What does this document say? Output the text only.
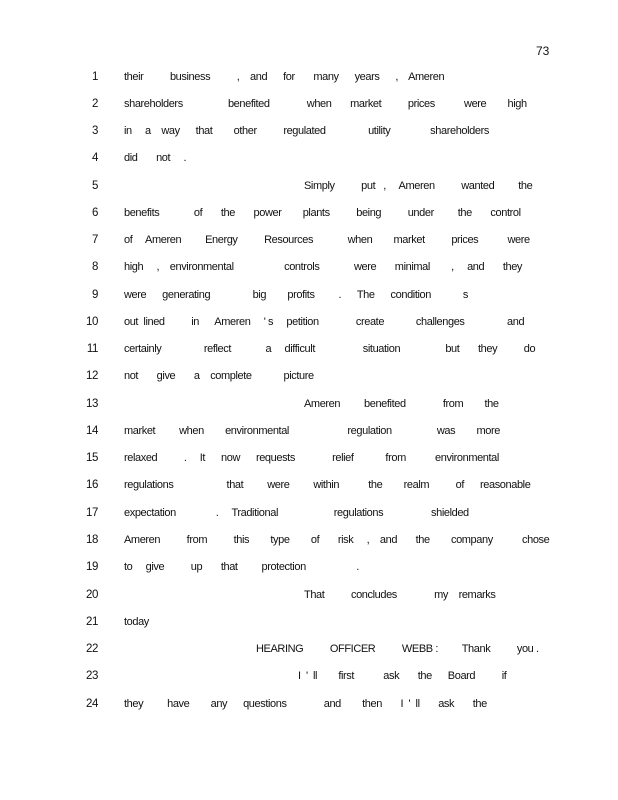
73
1 their          business          ,    and      for       many      years      ,    Ameren
2 shareholders                 benefited              when       market          prices           were        high
3 in     a    way      that        other          regulated                utility               shareholders
4 did       not     .
5	Simply          put   ,     Ameren          wanted         the
6 benefits             of       the       power        plants          being          under         the       control
7 of     Ameren         Energy          Resources             when        market          prices           were
8 high     ,    environmental                   controls             were       minimal        ,     and       they
9 were      generating                big        profits         .      The      condition            s
10 out  lined          in      Ameren     ' s     petition              create            challenges                and
11 certainly                reflect             a     difficult                  situation                 but       they          do
12 not       give       a    complete            picture
13	Ameren         benefited              from        the
14 market         when        environmental                      regulation                 was        more
15 relaxed          .     It      now      requests              relief            from           environmental
16 regulations                    that         were         within           the        realm          of      reasonable
17 expectation               .     Traditional                     regulations                  shielded
18 Ameren          from          this        type        of       risk     ,    and       the        company           chose
19 to     give          up       that         protection                   .
20	That          concludes              my    remarks
21 today
22	HEARING          OFFICER          WEBB :         Thank          you .
23	I  '  ll        first           ask       the      Board          if
24 they         have        any      questions              and        then       I  '  ll       ask       the
